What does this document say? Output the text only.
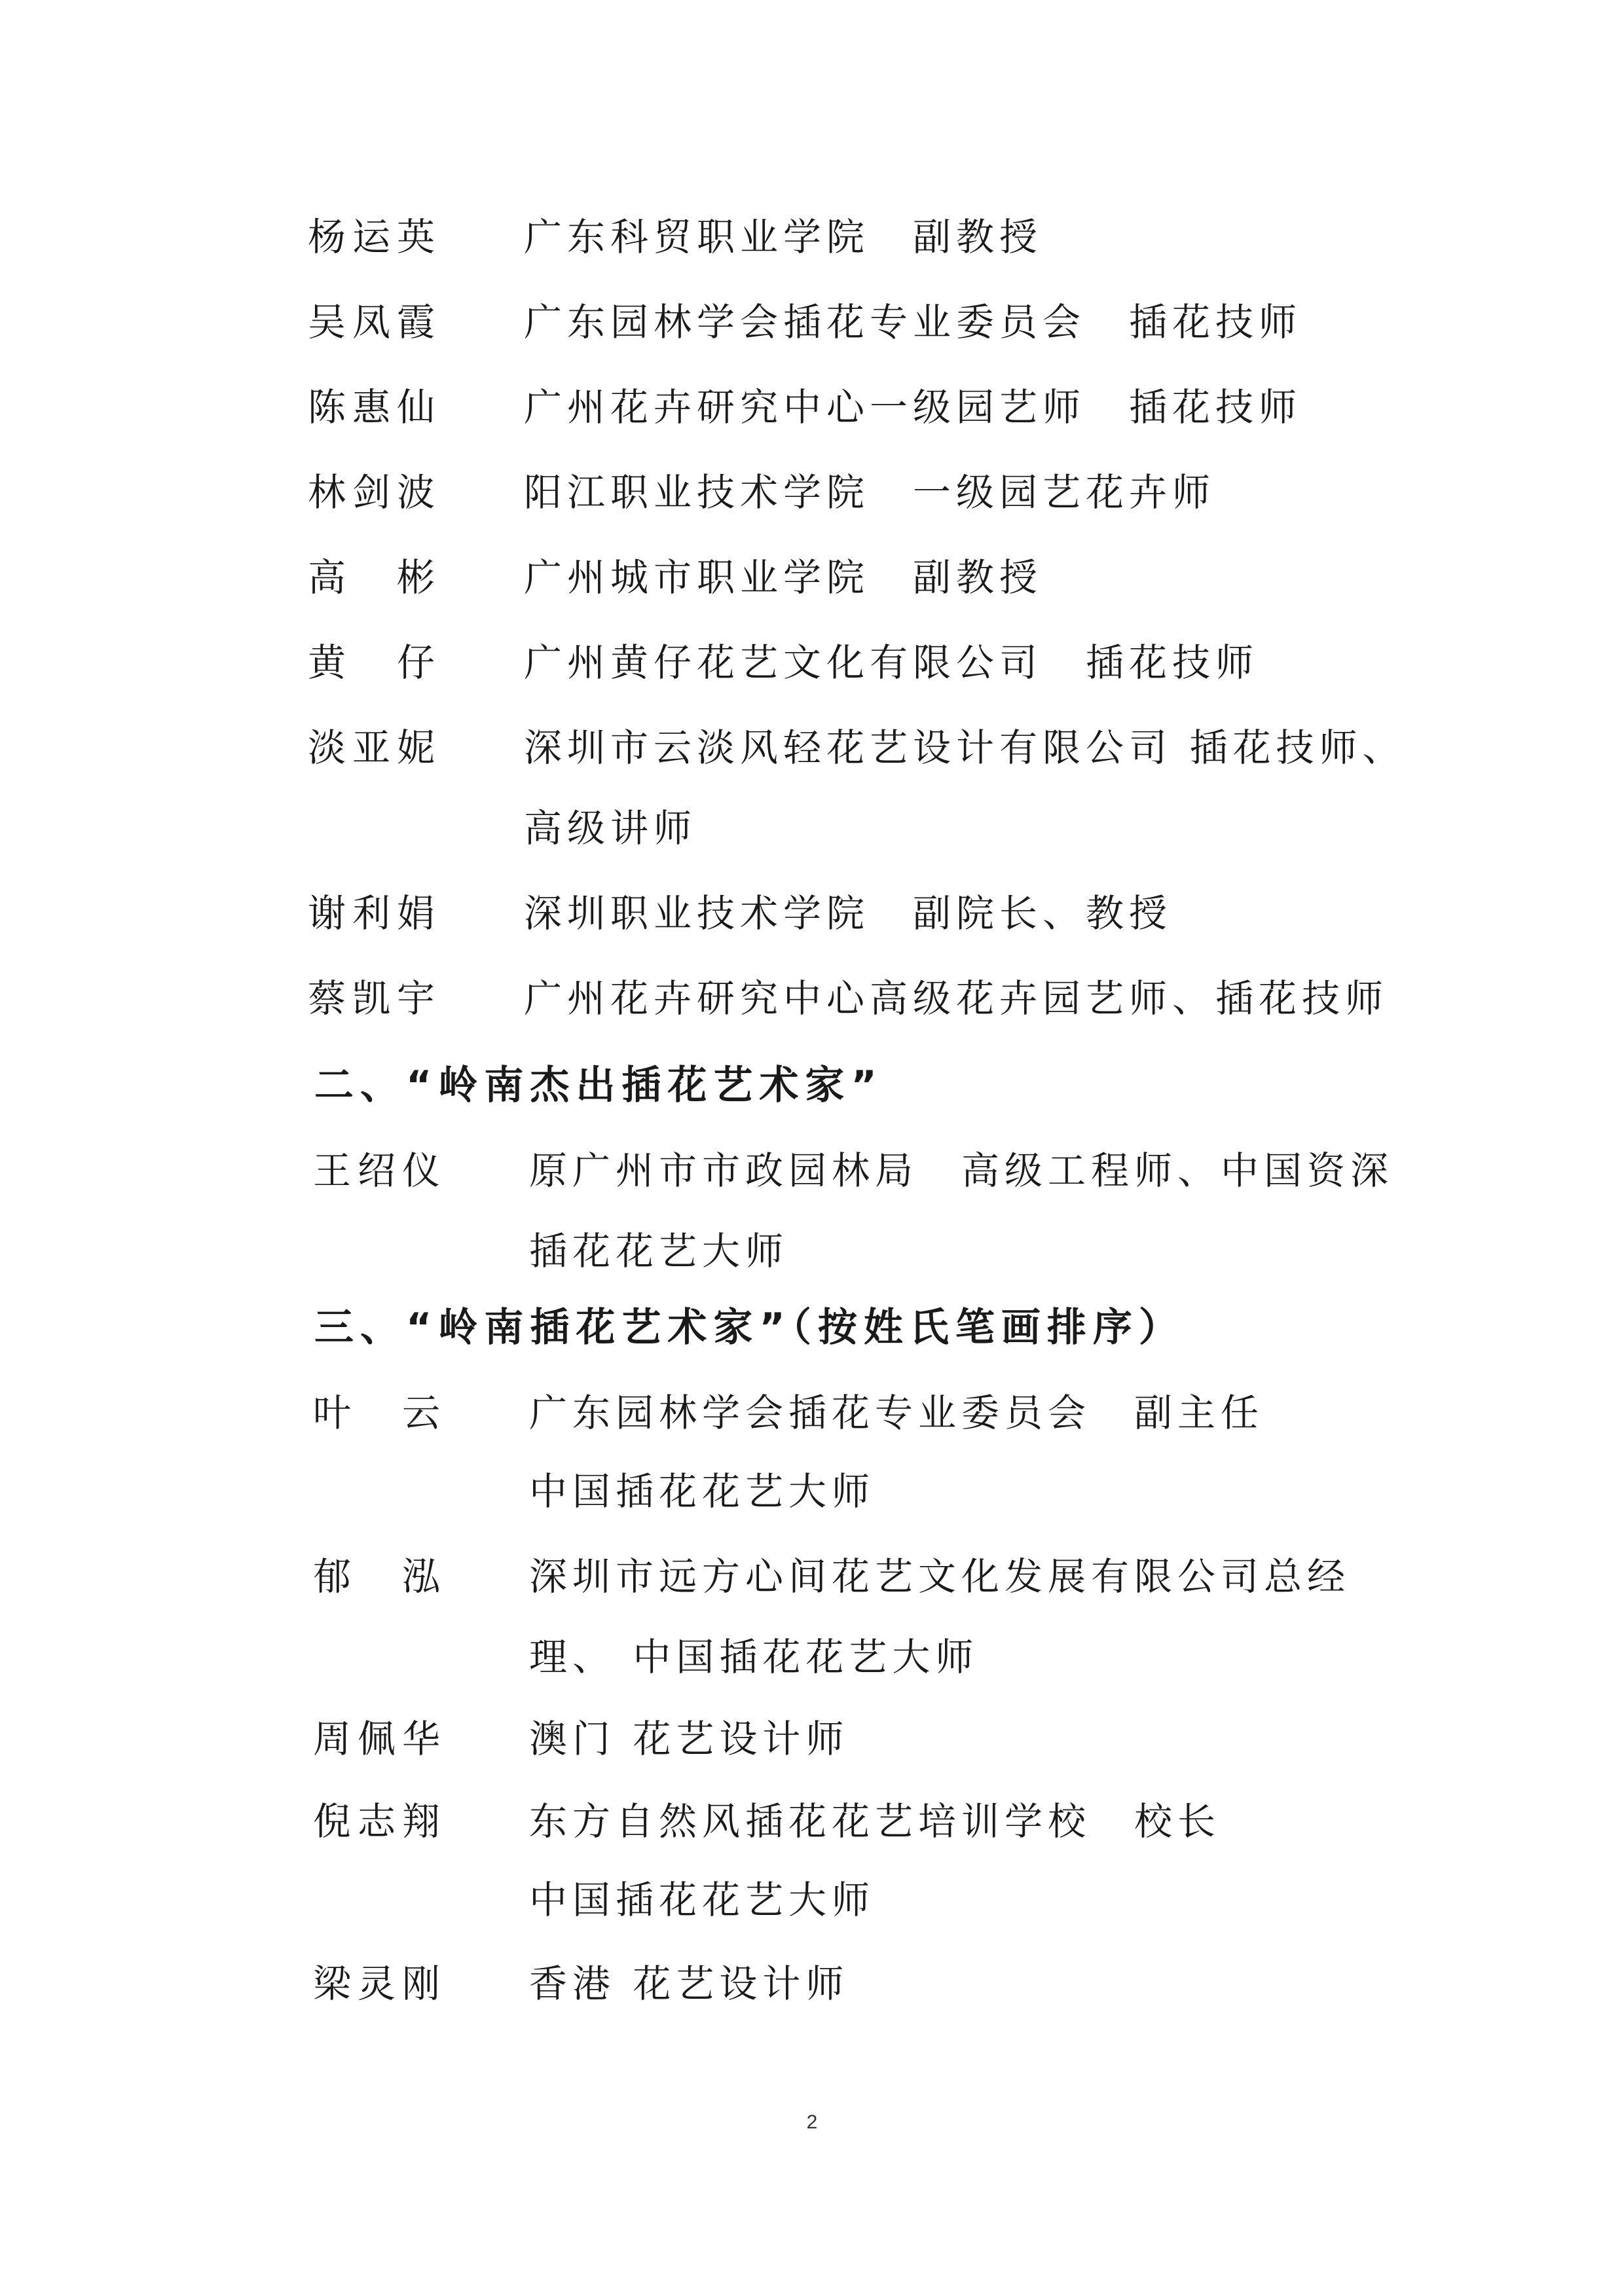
杨运英 广东科贸职业学院　副教授
吴凤霞 广东园林学会插花专业委员会　插花技师
陈惠仙 广州花卉研究中心一级园艺师　插花技师
林剑波 阳江职业技术学院　一级园艺花卉师
高　彬 广州城市职业学院　副教授
黄　仔 广州黄仔花艺文化有限公司　插花技师
淡亚妮 深圳市云淡风轻花艺设计有限公司 插花技师、
高级讲师
谢利娟 深圳职业技术学院　副院长、教授
蔡凯宇 广州花卉研究中心高级花卉园艺师、插花技师
二、“岭南杰出插花艺术家”
王绍仪 原广州市市政园林局　高级工程师、中国资深
插花花艺大师
三、“岭南插花艺术家”（按姓氏笔画排序）
叶　云 广东园林学会插花专业委员会　副主任
中国插花花艺大师
郁　泓 深圳市远方心间花艺文化发展有限公司总经
理、 中国插花花艺大师
周佩华 澳门 花艺设计师
倪志翔 东方自然风插花花艺培训学校　校长
中国插花花艺大师
梁灵刚 香港 花艺设计师
2
